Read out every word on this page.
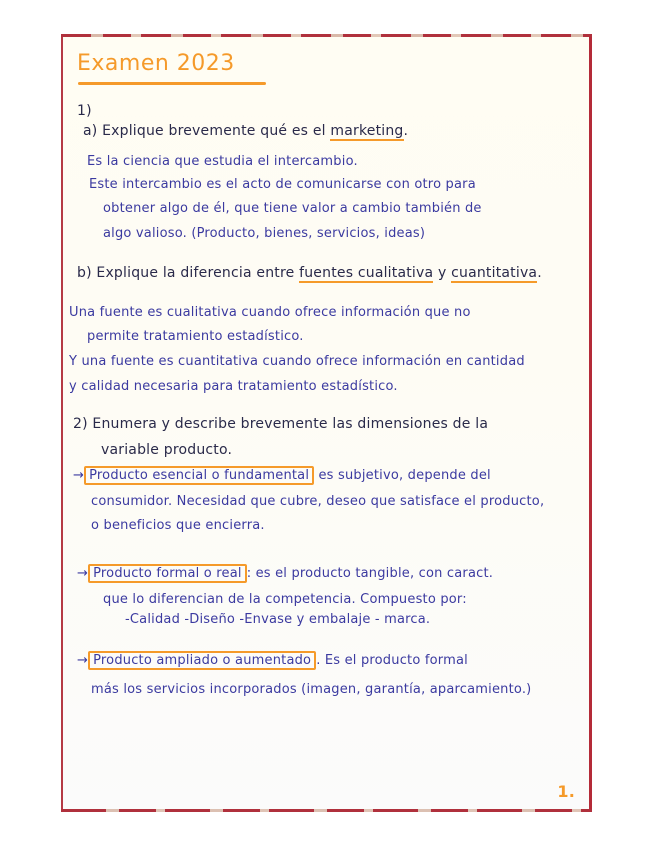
Examen 2023
1)
a) Explique brevemente qué es el marketing.
Es la ciencia que estudia el intercambio.
Este intercambio es el acto de comunicarse con otro para
obtener algo de él, que tiene valor a cambio también de
algo valioso. (Producto, bienes, servicios, ideas)
b) Explique la diferencia entre fuentes cualitativa y cuantitativa.
Una fuente es cualitativa cuando ofrece información que no
permite tratamiento estadístico.
Y una fuente es cuantitativa cuando ofrece información en cantidad
y calidad necesaria para tratamiento estadístico.
2) Enumera y describe brevemente las dimensiones de la
variable producto.
→ Producto esencial o fundamental es subjetivo, depende del
consumidor. Necesidad que cubre, deseo que satisface el producto,
o beneficios que encierra.
→ Producto formal o real : es el producto tangible, con caract.
que lo diferencian de la competencia. Compuesto por:
-Calidad -Diseño -Envase y embalaje - marca.
→ Producto ampliado o aumentado . Es el producto formal
más los servicios incorporados (imagen, garantía, aparcamiento.)
1.
